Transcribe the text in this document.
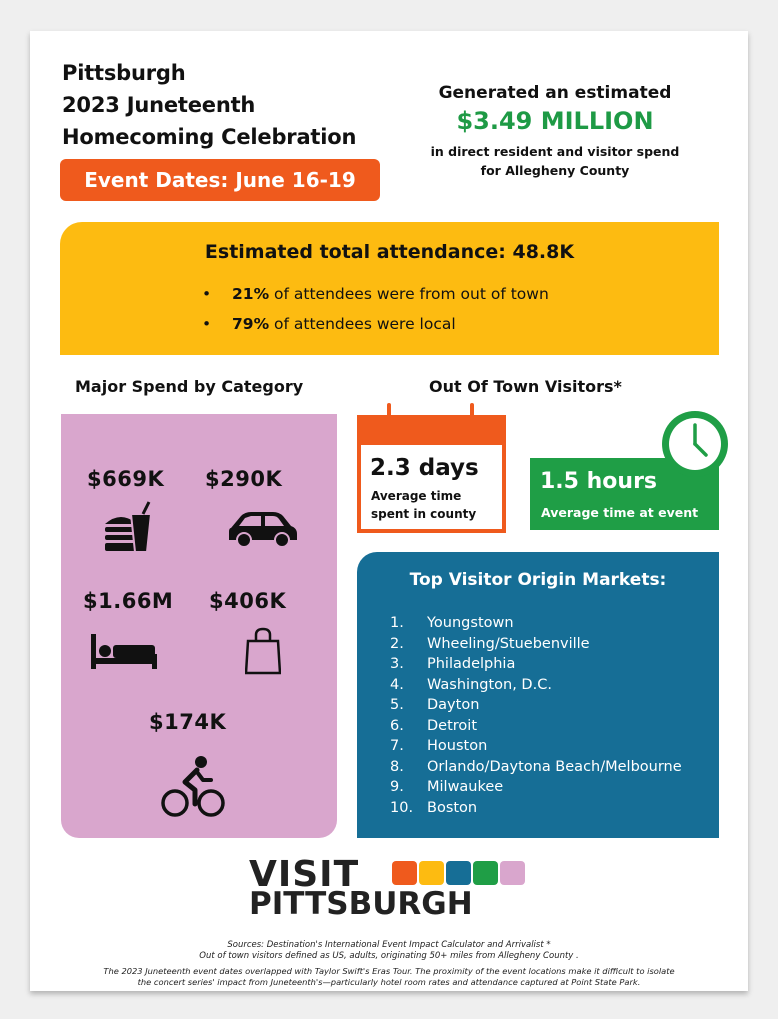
Pittsburgh
2023 Juneteenth
Homecoming Celebration
Event Dates: June 16-19
Generated an estimated
$3.49 MILLION
in direct resident and visitor spend
for Allegheny County
Estimated total attendance: 48.8K
• 21% of attendees were from out of town
• 79% of attendees were local
Major Spend by Category	Out Of Town Visitors*
$669K $290K
$1.66M $406K
$174K
2.3 days
Average time
spent in county
1.5 hours
Average time at event
Top Visitor Origin Markets:
1. Youngstown
2. Wheeling/Stuebenville
3. Philadelphia
4. Washington, D.C.
5. Dayton
6. Detroit
7. Houston
8. Orlando/Daytona Beach/Melbourne
9. Milwaukee
10. Boston
VISIT
PITTSBURGH
Sources: Destination's International Event Impact Calculator and Arrivalist *
Out of town visitors defined as US, adults, originating 50+ miles from Allegheny County .
The 2023 Juneteenth event dates overlapped with Taylor Swift's Eras Tour. The proximity of the event locations make it difficult to isolate
the concert series' impact from Juneteenth's—particularly hotel room rates and attendance captured at Point State Park.
